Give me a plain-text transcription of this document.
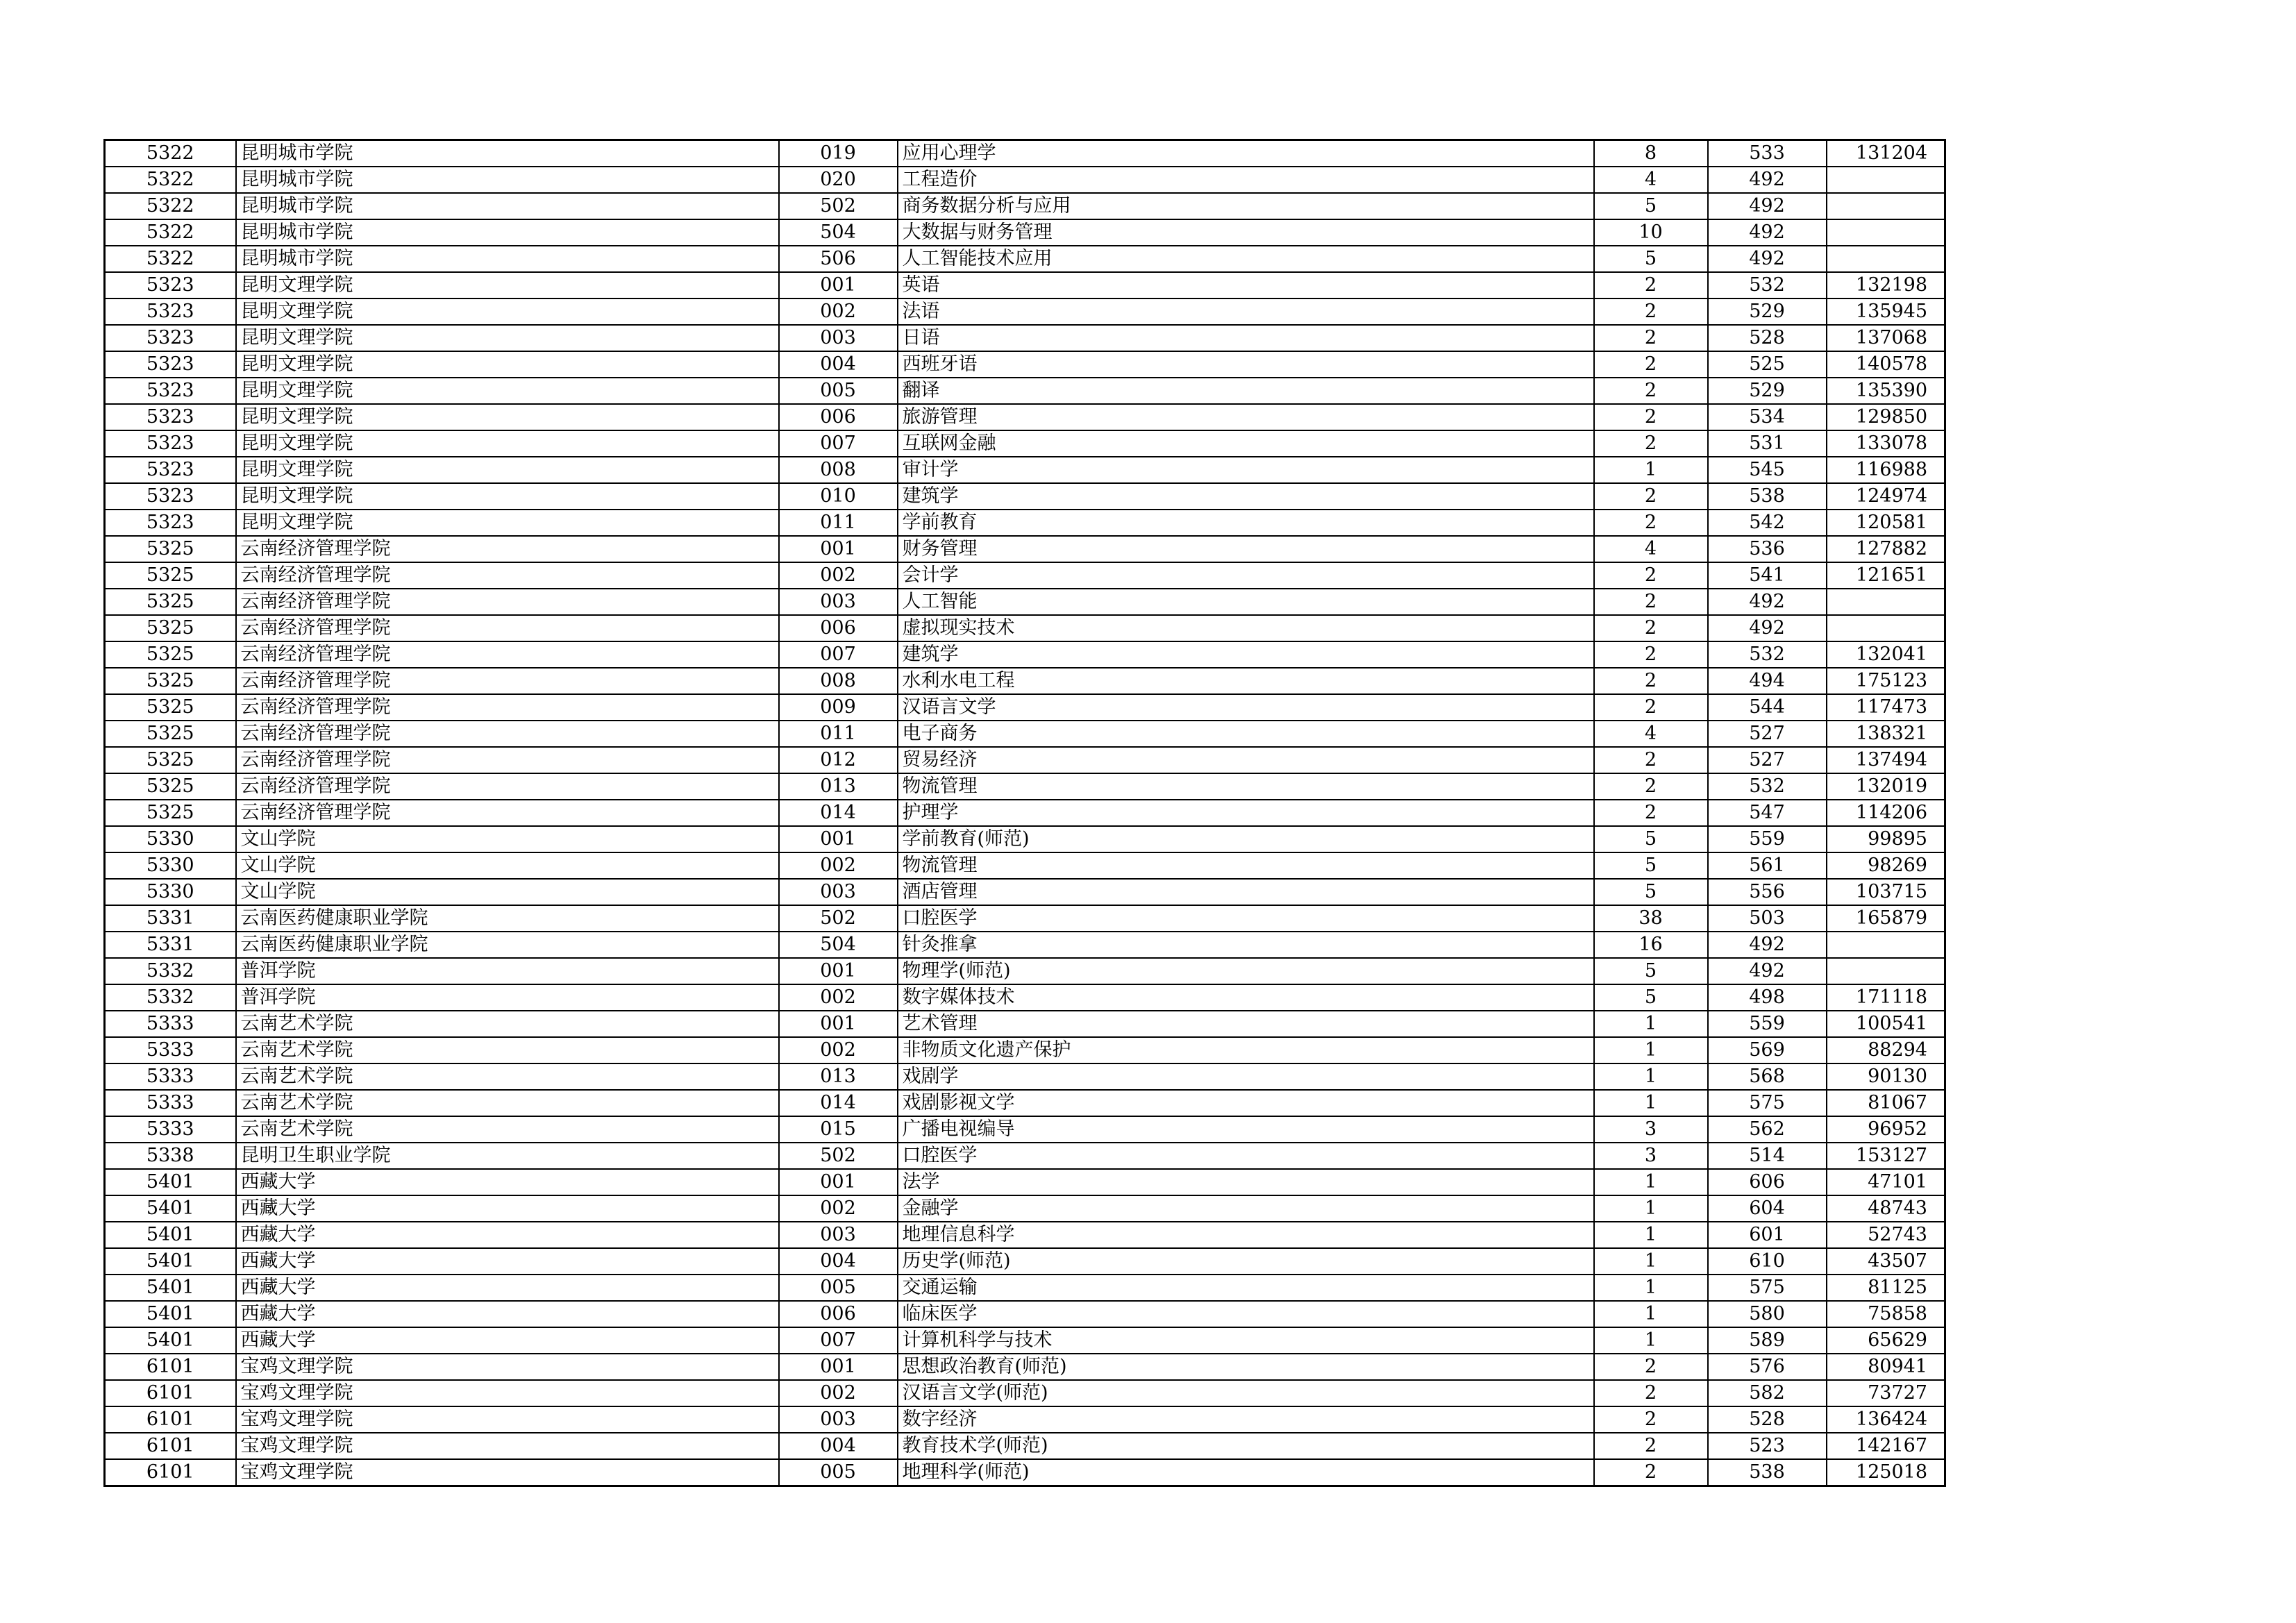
5322	昆明城市学院	019	应用心理学	8	533	131204
5322	昆明城市学院	020	工程造价	4	492	
5322	昆明城市学院	502	商务数据分析与应用	5	492	
5322	昆明城市学院	504	大数据与财务管理	10	492	
5322	昆明城市学院	506	人工智能技术应用	5	492	
5323	昆明文理学院	001	英语	2	532	132198
5323	昆明文理学院	002	法语	2	529	135945
5323	昆明文理学院	003	日语	2	528	137068
5323	昆明文理学院	004	西班牙语	2	525	140578
5323	昆明文理学院	005	翻译	2	529	135390
5323	昆明文理学院	006	旅游管理	2	534	129850
5323	昆明文理学院	007	互联网金融	2	531	133078
5323	昆明文理学院	008	审计学	1	545	116988
5323	昆明文理学院	010	建筑学	2	538	124974
5323	昆明文理学院	011	学前教育	2	542	120581
5325	云南经济管理学院	001	财务管理	4	536	127882
5325	云南经济管理学院	002	会计学	2	541	121651
5325	云南经济管理学院	003	人工智能	2	492	
5325	云南经济管理学院	006	虚拟现实技术	2	492	
5325	云南经济管理学院	007	建筑学	2	532	132041
5325	云南经济管理学院	008	水利水电工程	2	494	175123
5325	云南经济管理学院	009	汉语言文学	2	544	117473
5325	云南经济管理学院	011	电子商务	4	527	138321
5325	云南经济管理学院	012	贸易经济	2	527	137494
5325	云南经济管理学院	013	物流管理	2	532	132019
5325	云南经济管理学院	014	护理学	2	547	114206
5330	文山学院	001	学前教育(师范)	5	559	99895
5330	文山学院	002	物流管理	5	561	98269
5330	文山学院	003	酒店管理	5	556	103715
5331	云南医药健康职业学院	502	口腔医学	38	503	165879
5331	云南医药健康职业学院	504	针灸推拿	16	492	
5332	普洱学院	001	物理学(师范)	5	492	
5332	普洱学院	002	数字媒体技术	5	498	171118
5333	云南艺术学院	001	艺术管理	1	559	100541
5333	云南艺术学院	002	非物质文化遗产保护	1	569	88294
5333	云南艺术学院	013	戏剧学	1	568	90130
5333	云南艺术学院	014	戏剧影视文学	1	575	81067
5333	云南艺术学院	015	广播电视编导	3	562	96952
5338	昆明卫生职业学院	502	口腔医学	3	514	153127
5401	西藏大学	001	法学	1	606	47101
5401	西藏大学	002	金融学	1	604	48743
5401	西藏大学	003	地理信息科学	1	601	52743
5401	西藏大学	004	历史学(师范)	1	610	43507
5401	西藏大学	005	交通运输	1	575	81125
5401	西藏大学	006	临床医学	1	580	75858
5401	西藏大学	007	计算机科学与技术	1	589	65629
6101	宝鸡文理学院	001	思想政治教育(师范)	2	576	80941
6101	宝鸡文理学院	002	汉语言文学(师范)	2	582	73727
6101	宝鸡文理学院	003	数字经济	2	528	136424
6101	宝鸡文理学院	004	教育技术学(师范)	2	523	142167
6101	宝鸡文理学院	005	地理科学(师范)	2	538	125018
